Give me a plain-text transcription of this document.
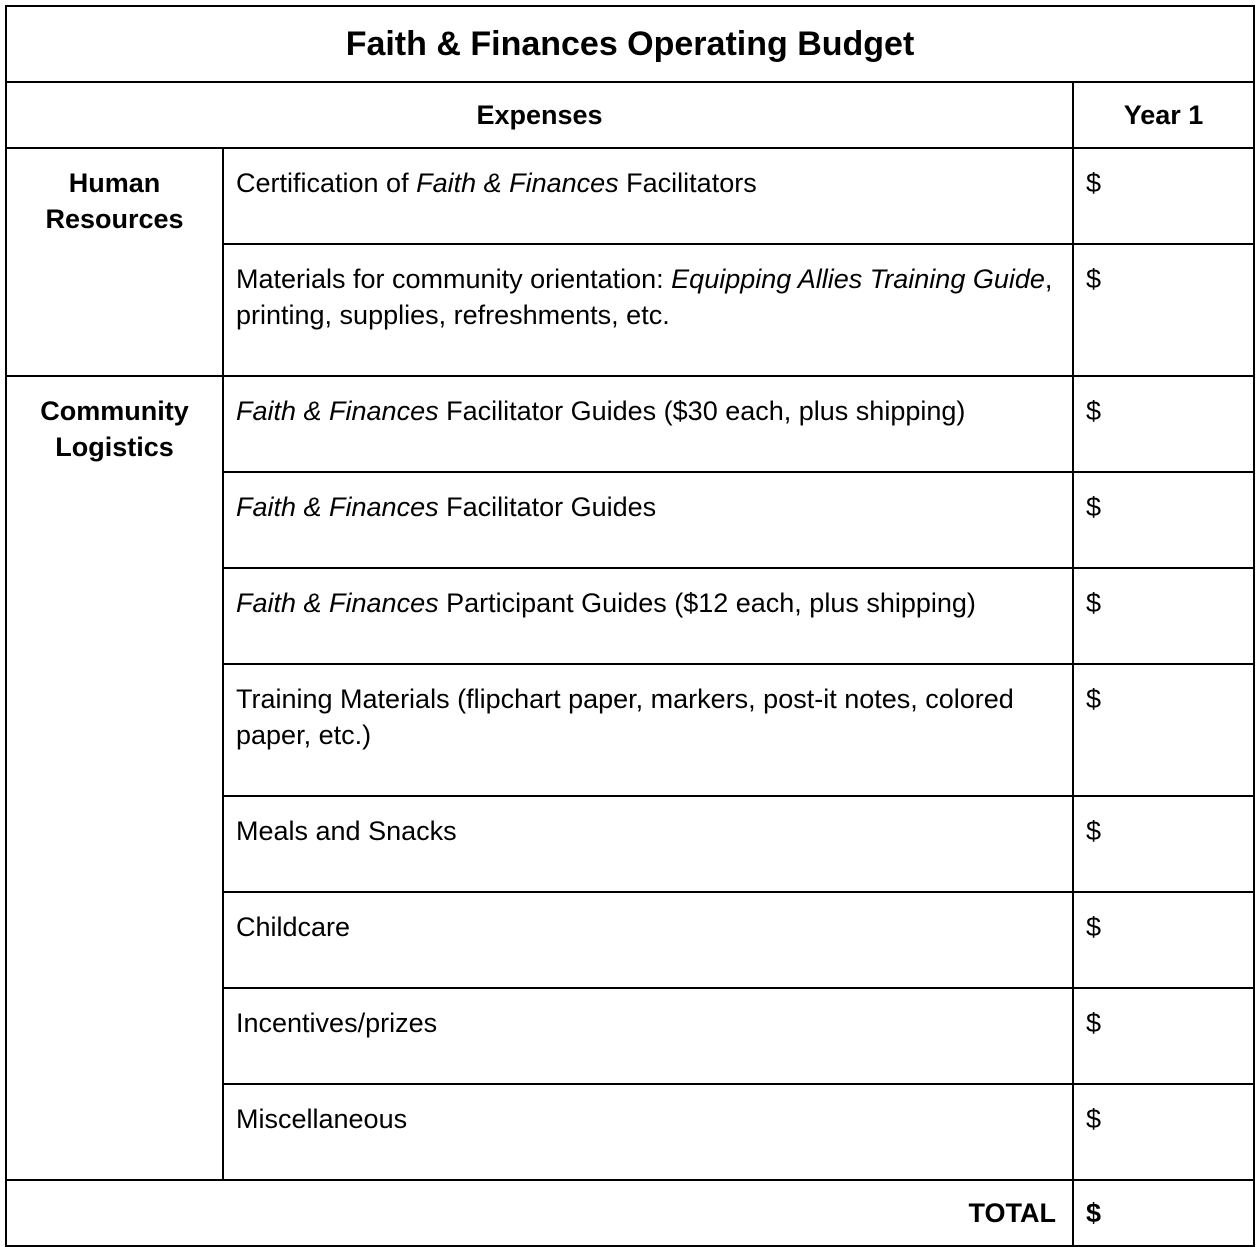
Faith & Finances Operating Budget		
Expenses		Year 1
Human
Resources	Certification of Faith & Finances Facilitators	$
	Materials for community orientation: Equipping Allies Training Guide, printing, supplies, refreshments, etc.	$
Community
Logistics	Faith & Finances Facilitator Guides ($30 each, plus shipping)	$
	Faith & Finances Facilitator Guides	$
	Faith & Finances Participant Guides ($12 each, plus shipping)	$
	Training Materials (flipchart paper, markers, post-it notes, colored paper, etc.)	$
	Meals and Snacks	$
	Childcare	$
	Incentives/prizes	$
	Miscellaneous	$
TOTAL		$
